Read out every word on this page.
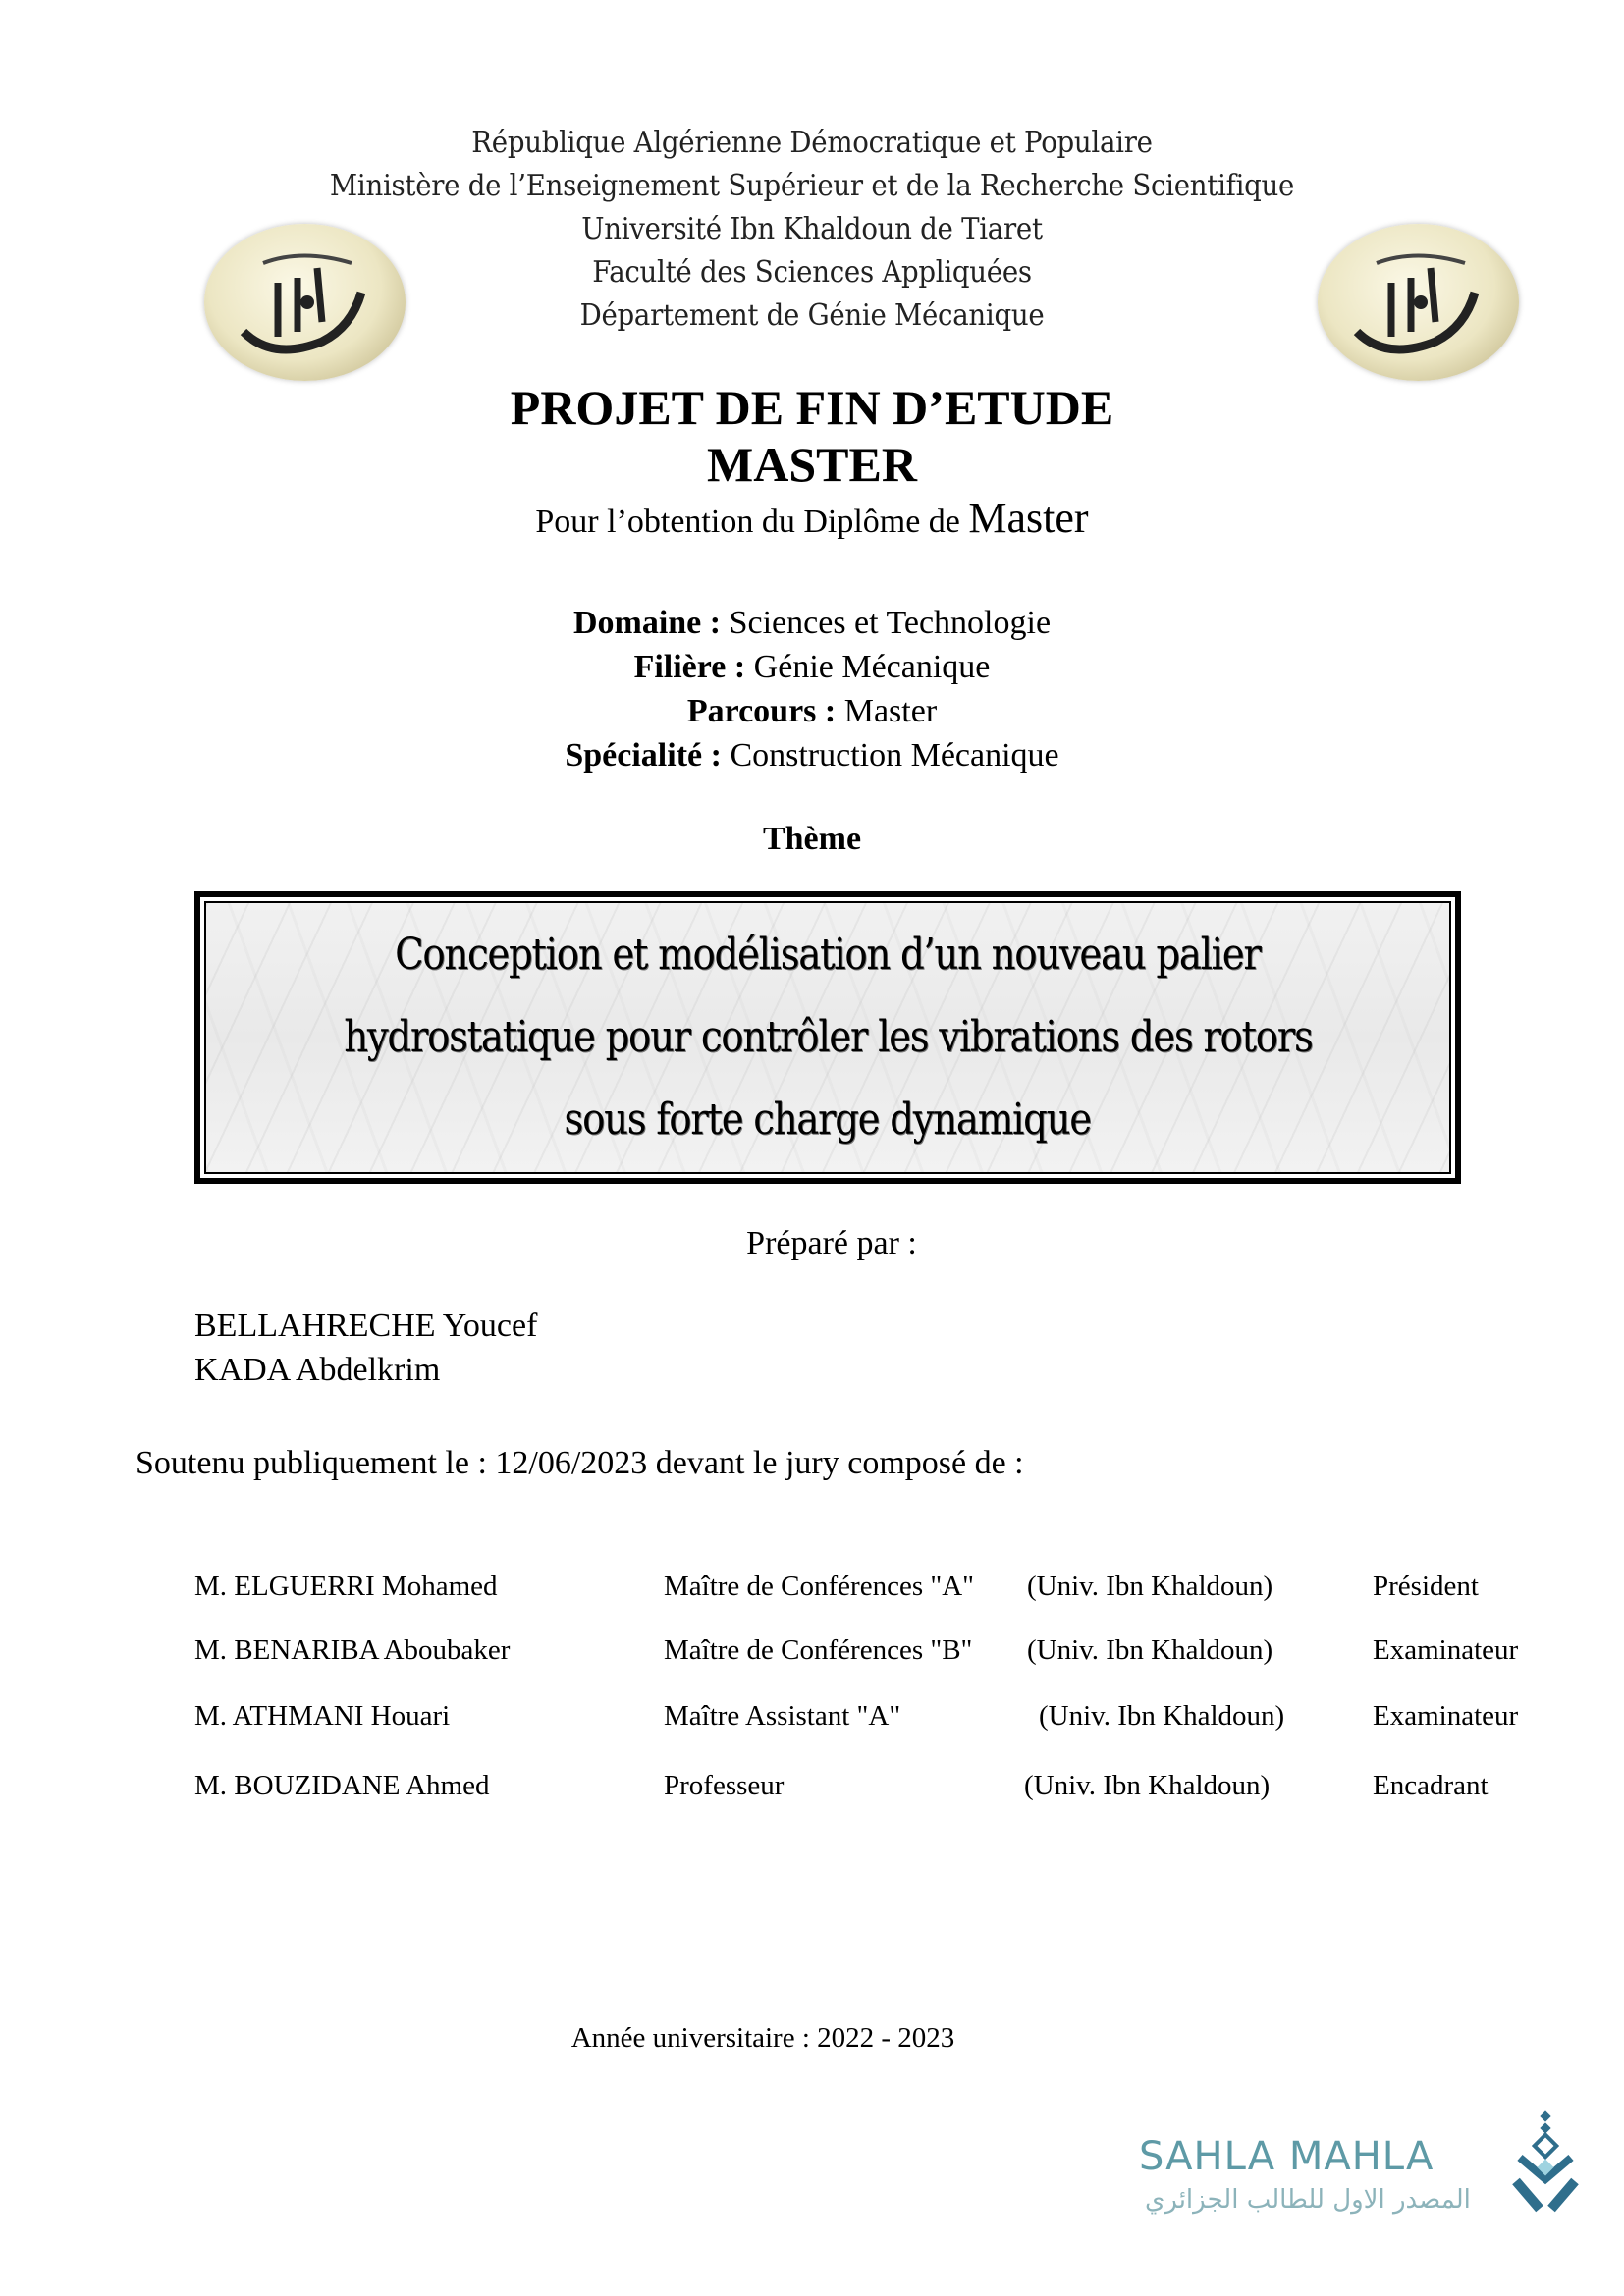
République Algérienne Démocratique et Populaire
Ministère de l’Enseignement Supérieur et de la Recherche Scientifique
Université Ibn Khaldoun de Tiaret
Faculté des Sciences Appliquées
Département de Génie Mécanique
PROJET DE FIN D’ETUDE
MASTER
Pour l’obtention du Diplôme de Master
Domaine : Sciences et Technologie
Filière : Génie Mécanique
Parcours : Master
Spécialité : Construction Mécanique
Thème
Conception et modélisation d’un nouveau palier
hydrostatique pour contrôler les vibrations des rotors
sous forte charge dynamique
Préparé par :
BELLAHRECHE Youcef
KADA Abdelkrim
Soutenu publiquement le : 12/06/2023 devant le jury composé de :
M. ELGUERRI Mohamed	Maître de Conférences "A" (Univ. Ibn Khaldoun)	Président
M. BENARIBA Aboubaker	Maître de Conférences "B" (Univ. Ibn Khaldoun)	Examinateur
M. ATHMANI Houari	Maître Assistant "A"	(Univ. Ibn Khaldoun)	Examinateur
M. BOUZIDANE Ahmed	Professeur	(Univ. Ibn Khaldoun)	Encadrant
Année universitaire : 2022 - 2023
SAHLA MAHLA
المصدر الاول للطالب الجزائري
